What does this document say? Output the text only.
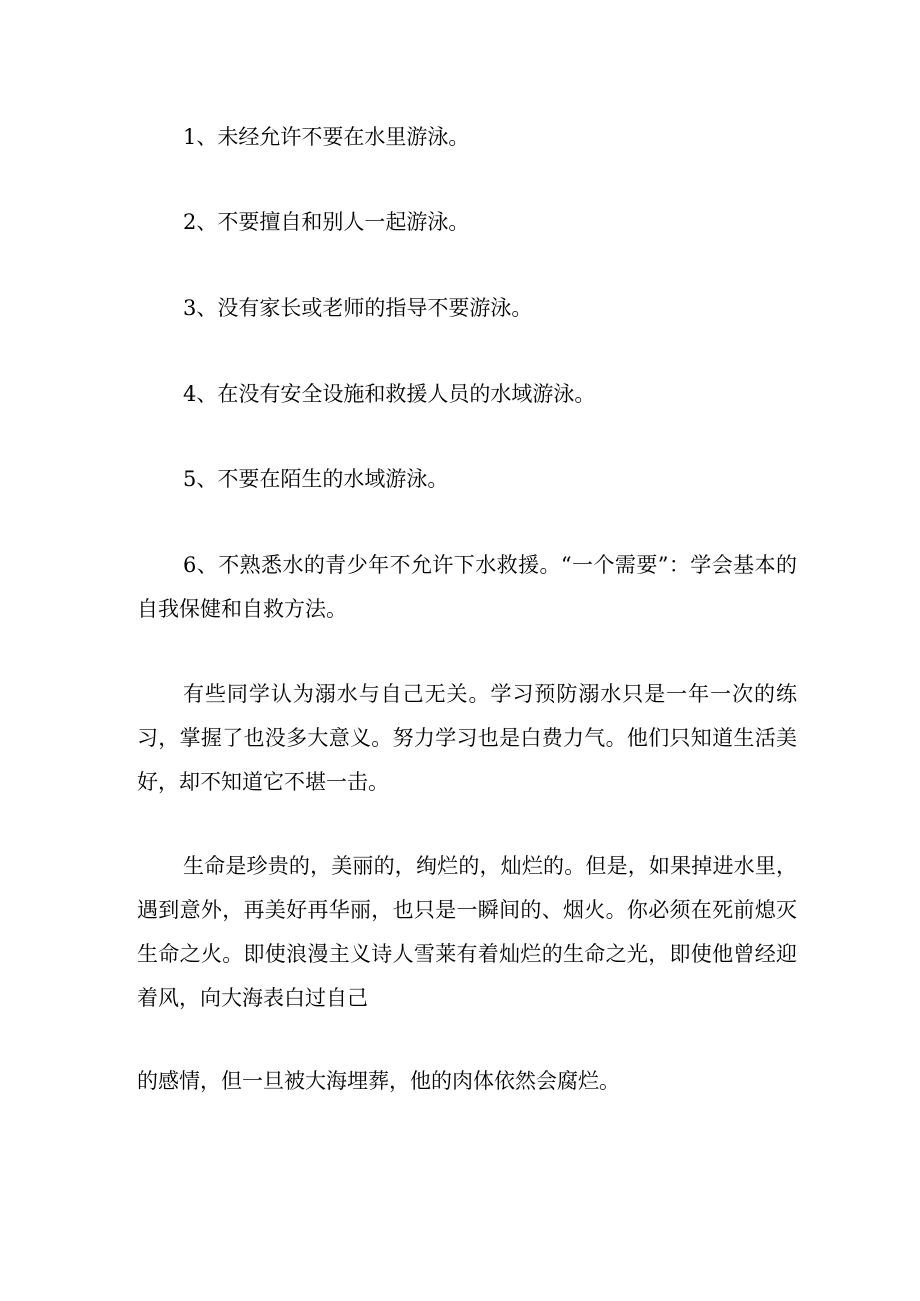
1、未经允许不要在水里游泳。

2、不要擅自和别人一起游泳。

3、没有家长或老师的指导不要游泳。

4、在没有安全设施和救援人员的水域游泳。

5、不要在陌生的水域游泳。

6、不熟悉水的青少年不允许下水救援。“一个需要”：学会基本的自我保健和自救方法。

有些同学认为溺水与自己无关。学习预防溺水只是一年一次的练习，掌握了也没多大意义。努力学习也是白费力气。他们只知道生活美好，却不知道它不堪一击。

生命是珍贵的，美丽的，绚烂的，灿烂的。但是，如果掉进水里，遇到意外，再美好再华丽，也只是一瞬间的、烟火。你必须在死前熄灭生命之火。即使浪漫主义诗人雪莱有着灿烂的生命之光，即使他曾经迎着风，向大海表白过自己

的感情，但一旦被大海埋葬，他的肉体依然会腐烂。
